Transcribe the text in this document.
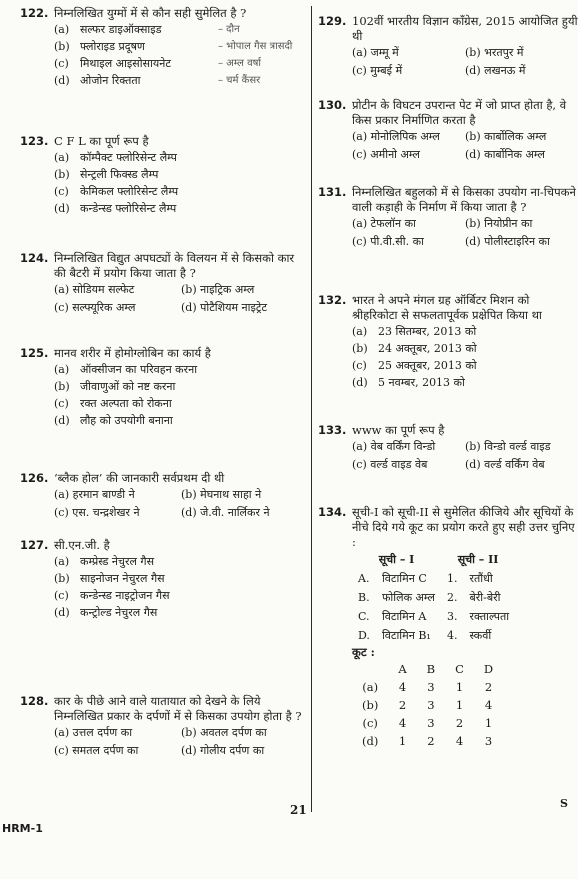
122. निम्नलिखित युग्मों में से कौन सही सुमेलित है ?
(a) सल्फर डाइऑक्साइड	– दौन
(b) फ्लोराइड प्रदूषण	– भोपाल गैस त्रासदी
(c)	मिथाइल आइसोसायनेट	– अम्ल वर्षा
(d) ओजोन रिक्तता	– चर्म कैंसर
123. C F L का पूर्ण रूप है
(a) कॉम्पैक्ट फ्लोरिसेन्ट लैम्प
(b) सेन्ट्रली फिक्स्ड लैम्प
(c)	केमिकल फ्लोरिसेन्ट लैम्प
(d) कन्डेन्स्ड फ्लोरिसेन्ट लैम्प
124. निम्नलिखित विद्युत अपघट्यों के विलयन में से किसको कार की बैटरी में प्रयोग किया जाता है ?
(a) सोडियम सल्फेट	(b) नाइट्रिक अम्ल
(c) सल्फ्यूरिक अम्ल	(d) पोटैशियम नाइट्रेट
125. मानव शरीर में होमोग्लोबिन का कार्य है
(a) ऑक्सीजन का परिवहन करना
(b) जीवाणुओं को नष्ट करना
(c)	रक्त अल्पता को रोकना
(d) लौह को उपयोगी बनाना
126. ‘ब्लैक होल’ की जानकारी सर्वप्रथम दी थी
(a) हरमान बाण्डी ने	(b) मेघनाथ साहा ने
(c) एस. चन्द्रशेखर ने	(d) जे.वी. नार्लिकर ने
127. सी.एन.जी. है
(a) कम्प्रेस्ड नेचुरल गैस
(b) साइनोजन नेचुरल गैस
(c)	कन्डेन्स्ड नाइट्रोजन गैस
(d) कन्ट्रोल्ड नेचुरल गैस
128. कार के पीछे आने वाले यातायात को देखने के लिये निम्नलिखित प्रकार के दर्पणों में से किसका उपयोग होता है ?
(a) उत्तल दर्पण का	(b) अवतल दर्पण का
(c) समतल दर्पण का	(d) गोलीय दर्पण का
129. 102वीं भारतीय विज्ञान काँग्रेस, 2015 आयोजित हुयी थी
(a) जम्मू में	(b) भरतपुर में
(c) मुम्बई में	(d) लखनऊ में
130. प्रोटीन के विघटन उपरान्त पेट में जो प्राप्त होता है, वे किस प्रकार निर्माणित करता है
(a) मोनोलिपिक अम्ल	(b) कार्बोलिक अम्ल
(c) अमीनो अम्ल	(d) कार्बोनिक अम्ल
131. निम्नलिखित बहुलको में से किसका उपयोग ना-चिपकने वाली कड़ाही के निर्माण में किया जाता है ?
(a) टेफलॉन का	(b) नियोप्रीन का
(c) पी.वी.सी. का	(d) पोलीस्टाइरिन का
132. भारत ने अपने मंगल ग्रह ऑर्बिटर मिशन को श्रीहरिकोटा से सफलतापूर्वक प्रक्षेपित किया था
(a) 23 सितम्बर, 2013 को
(b) 24 अक्तूबर, 2013 को
(c)	25 अक्तूबर, 2013 को
(d) 5 नवम्बर, 2013 को
133. www का पूर्ण रूप है
(a) वेब वर्किंग विन्डो	(b) विन्डो वर्ल्ड वाइड
(c) वर्ल्ड वाइड वेब	(d) वर्ल्ड वर्किंग वेब
134. सूची-I को सूची-II से सुमेलित कीजिये और सूचियों के नीचे दिये गये कूट का प्रयोग करते हुए सही उत्तर चुनिए :
सूची – I		सूची – II	
A.	विटामिन C	1.	रतौंधी
B.	फोलिक अम्ल	2.	बेरी-बेरी
C.	विटामिन A	3.	रक्ताल्पता
D.	विटामिन B₁	4.	स्कर्वी
कूट :
	A	B	C	D
(a)	4	3	1	2
(b)	2	3	1	4
(c)	4	3	2	1
(d)	1	2	4	3
21	S
HRM-1
